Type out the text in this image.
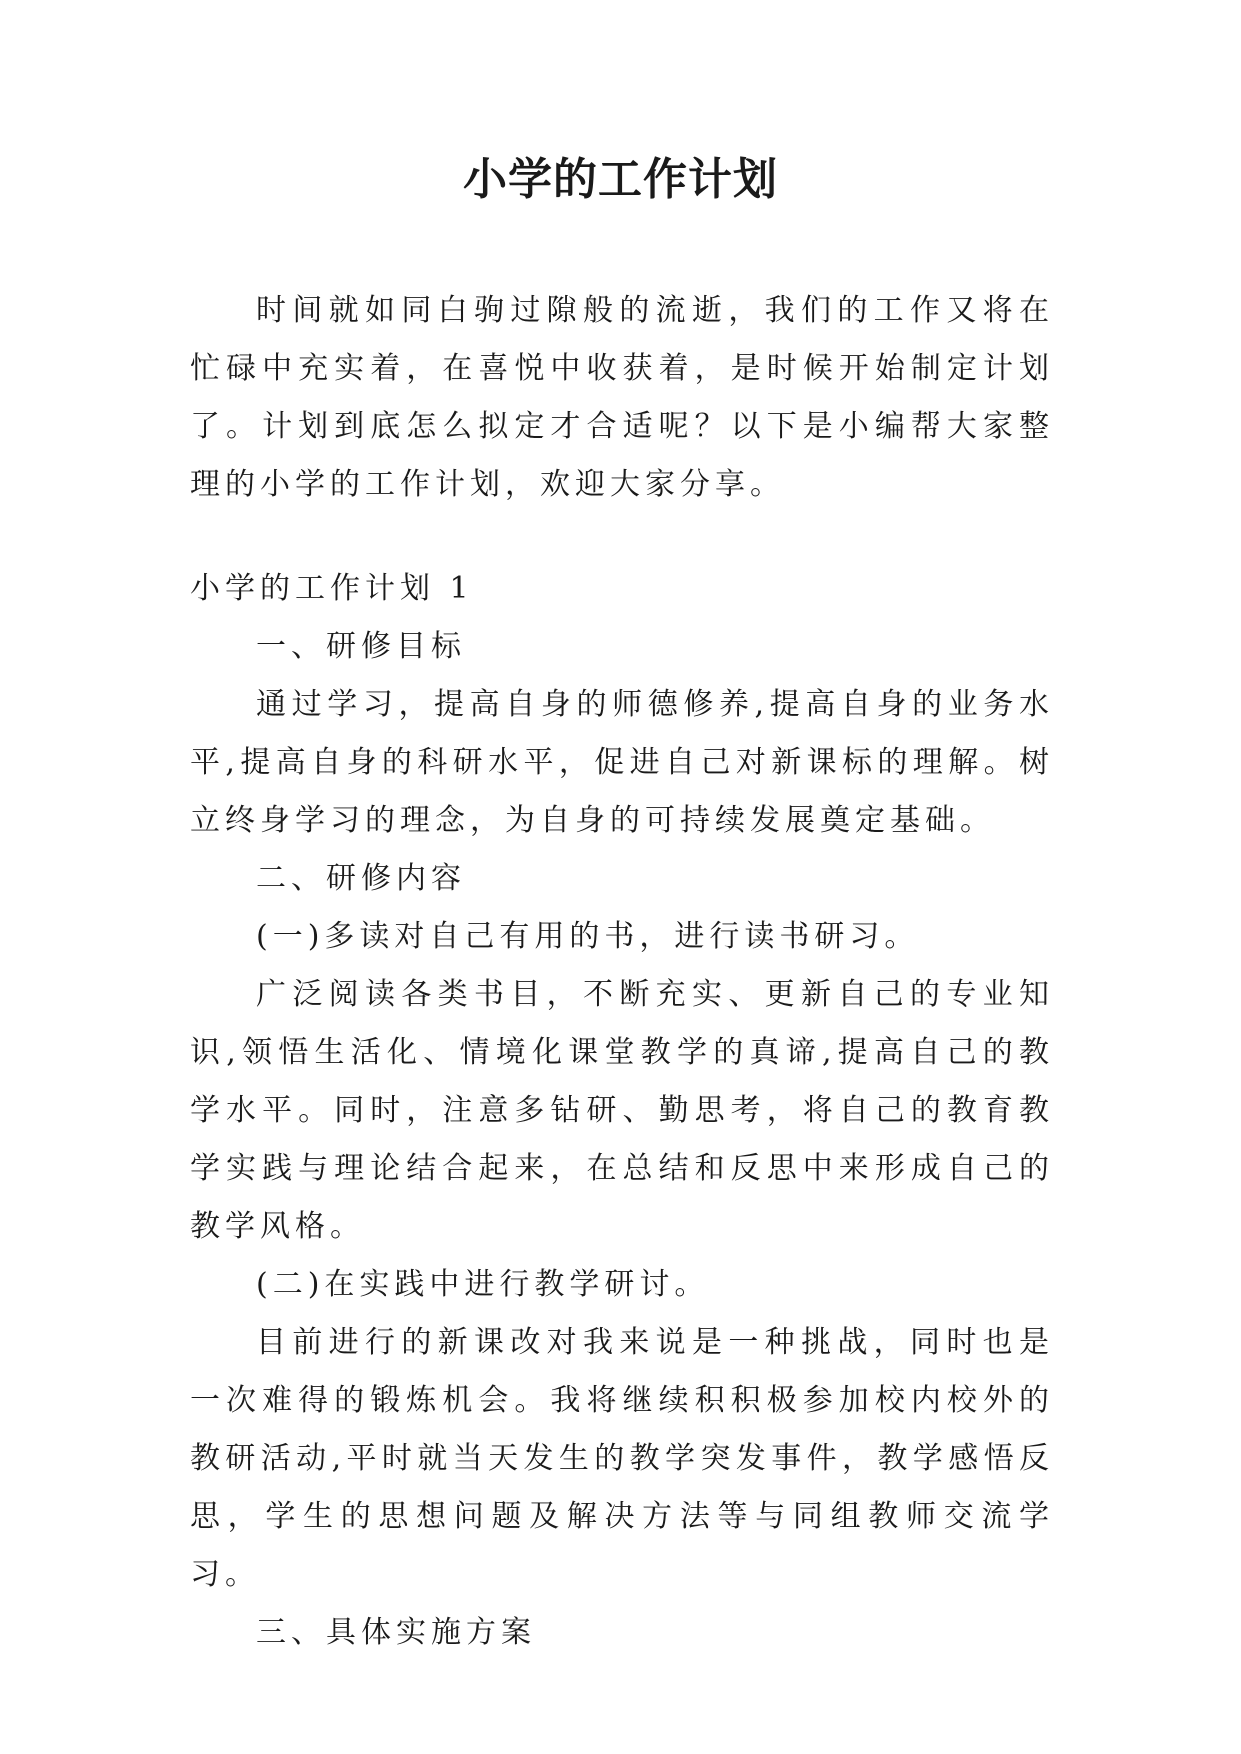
小学的工作计划

时间就如同白驹过隙般的流逝，我们的工作又将在忙碌中充实着，在喜悦中收获着，是时候开始制定计划了。计划到底怎么拟定才合适呢？以下是小编帮大家整理的小学的工作计划，欢迎大家分享。

小学的工作计划 1

一、研修目标

通过学习，提高自身的师德修养,提高自身的业务水平,提高自身的科研水平，促进自己对新课标的理解。树立终身学习的理念，为自身的可持续发展奠定基础。

二、研修内容

(一)多读对自己有用的书，进行读书研习。

广泛阅读各类书目，不断充实、更新自己的专业知识,领悟生活化、情境化课堂教学的真谛,提高自己的教学水平。同时，注意多钻研、勤思考，将自己的教育教学实践与理论结合起来，在总结和反思中来形成自己的教学风格。

(二)在实践中进行教学研讨。

目前进行的新课改对我来说是一种挑战，同时也是一次难得的锻炼机会。我将继续积积极参加校内校外的教研活动,平时就当天发生的教学突发事件，教学感悟反思，学生的思想问题及解决方法等与同组教师交流学习。

三、具体实施方案
